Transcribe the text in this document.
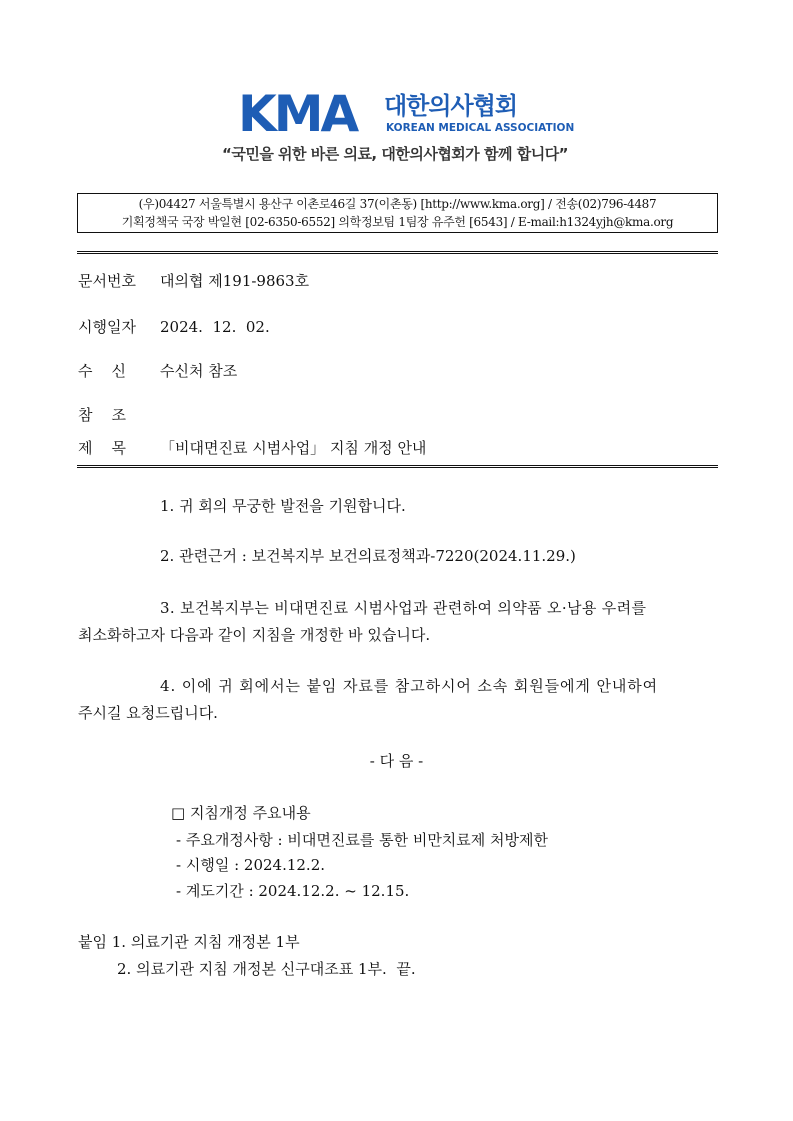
KMA 대한의사협회
KOREAN MEDICAL ASSOCIATION
“국민을 위한 바른 의료, 대한의사협회가 함께 합니다”
(우)04427 서울특별시 용산구 이촌로46길 37(이촌동) [http://www.kma.org] / 전송(02)796-4487
기획정책국 국장 박일현 [02-6350-6552] 의학정보팀 1팀장 유주헌 [6543] / E-mail:h1324yjh@kma.org
문서번호 대의협 제191-9863호
시행일자 2024.  12.  02.
수    신 수신처 참조
참    조
제    목 「비대면진료 시범사업」 지침 개정 안내
1. 귀 회의 무궁한 발전을 기원합니다.
2. 관련근거 : 보건복지부 보건의료정책과-7220(2024.11.29.)
3. 보건복지부는 비대면진료 시범사업과 관련하여 의약품 오·남용 우려를
최소화하고자 다음과 같이 지침을 개정한 바 있습니다.
4. 이에 귀 회에서는 붙임 자료를 참고하시어 소속 회원들에게 안내하여
주시길 요청드립니다.
- 다 음 -
□ 지침개정 주요내용
- 주요개정사항 : 비대면진료를 통한 비만치료제 처방제한
- 시행일 : 2024.12.2.
- 계도기간 : 2024.12.2. ~ 12.15.
붙임 1. 의료기관 지침 개정본 1부
2. 의료기관 지침 개정본 신구대조표 1부.  끝.
